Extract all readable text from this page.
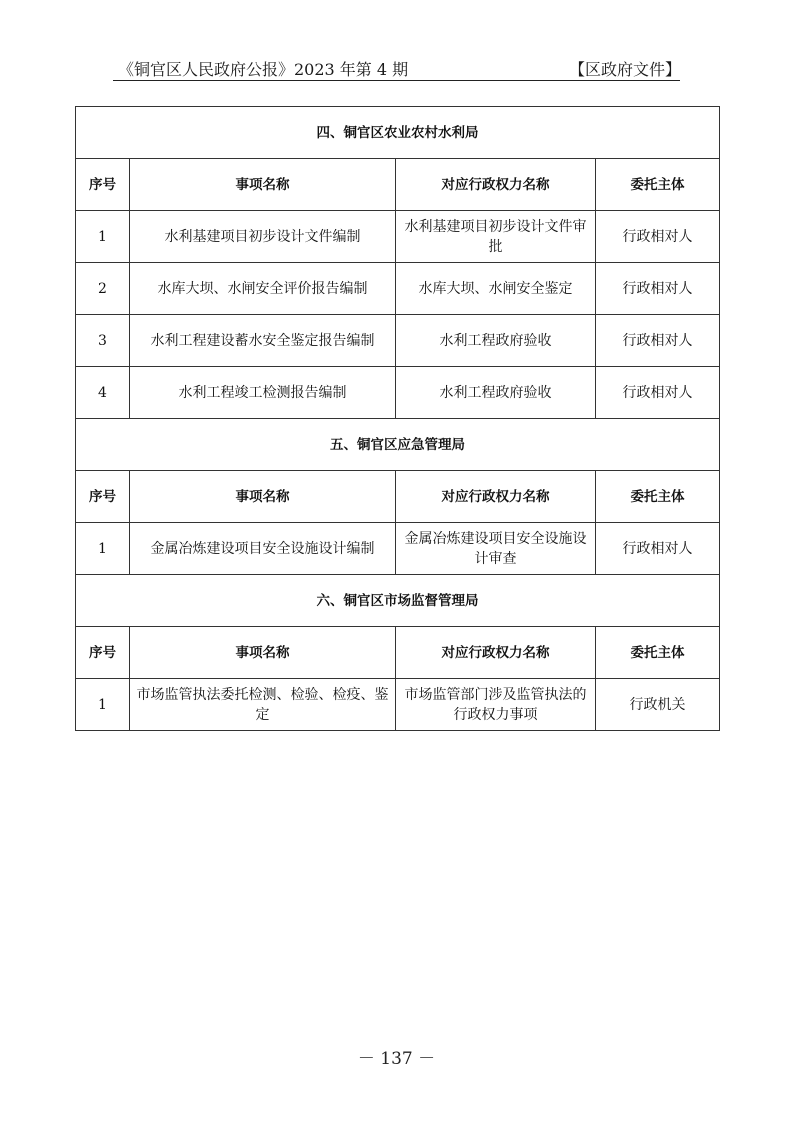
《铜官区人民政府公报》2023 年第 4 期	【区政府文件】
四、铜官区农业农村水利局			
序号	事项名称	对应行政权力名称	委托主体
1	水利基建项目初步设计文件编制	水利基建项目初步设计文件审批	行政相对人
2	水库大坝、水闸安全评价报告编制	水库大坝、水闸安全鉴定	行政相对人
3	水利工程建设蓄水安全鉴定报告编制	水利工程政府验收	行政相对人
4	水利工程竣工检测报告编制	水利工程政府验收	行政相对人
五、铜官区应急管理局			
序号	事项名称	对应行政权力名称	委托主体
1	金属冶炼建设项目安全设施设计编制	金属冶炼建设项目安全设施设计审查	行政相对人
六、铜官区市场监督管理局			
序号	事项名称	对应行政权力名称	委托主体
1	市场监管执法委托检测、检验、检疫、鉴定	市场监管部门涉及监管执法的行政权力事项	行政机关
－ 137 －
